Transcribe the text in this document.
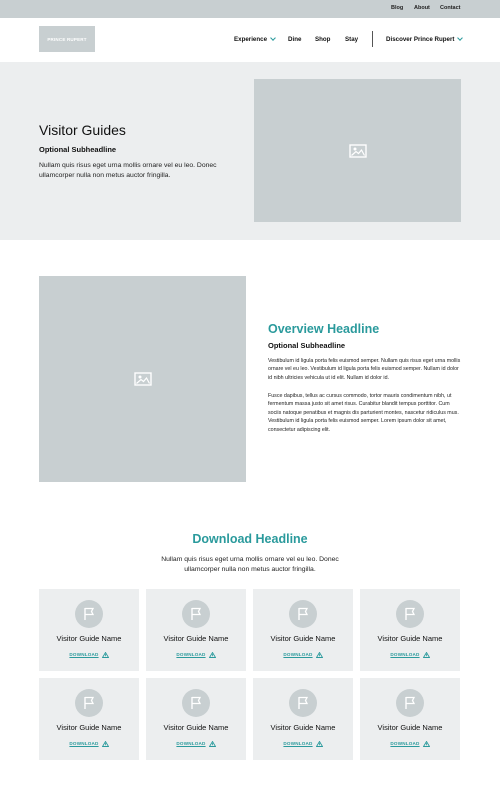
Blog About Contact
PRINCE RUPERT	Experience	Dine Shop Stay	Discover Prince Rupert
Visitor Guides
Optional Subheadline

Nullam quis risus eget urna mollis ornare vel eu leo. Donec ullamcorper nulla non metus auctor fringilla.

Overview Headline
Optional Subheadline

Vestibulum id ligula porta felis euismod semper. Nullam quis risus eget urna mollis ornare vel eu leo. Vestibulum id ligula porta felis euismod semper. Nullam id dolor id nibh ultricies vehicula ut id elit. Nullam id dolor id.

Fusce dapibus, tellus ac cursus commodo, tortor mauris condimentum nibh, ut fermentum massa justo sit amet risus. Curabitur blandit tempus porttitor. Cum sociis natoque penatibus et magnis dis parturient montes, nascetur ridiculus mus. Vestibulum id ligula porta felis euismod semper. Lorem ipsum dolor sit amet, consectetur adipiscing elit.

Download Headline

Nullam quis risus eget urna mollis ornare vel eu leo. Donec ullamcorper nulla non metus auctor fringilla.

Visitor Guide Name
DOWNLOAD
Visitor Guide Name
DOWNLOAD
Visitor Guide Name
DOWNLOAD
Visitor Guide Name
DOWNLOAD
Visitor Guide Name
DOWNLOAD
Visitor Guide Name
DOWNLOAD
Visitor Guide Name
DOWNLOAD
Visitor Guide Name
DOWNLOAD
